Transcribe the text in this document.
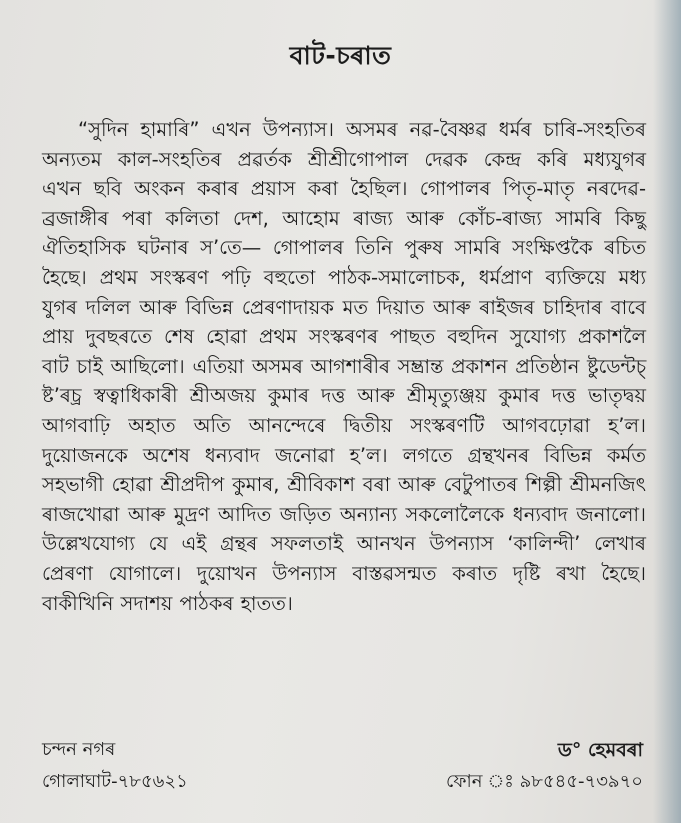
বাট-চৰাত
“সুদিন হামাৰি” এখন উপন্যাস। অসমৰ নৱ-বৈষ্ণৱ ধৰ্মৰ চাৰি-সংহতিৰ
অন্যতম কাল-সংহতিৰ প্ৰৱৰ্তক শ্ৰীশ্ৰীগোপাল দেৱক কেন্দ্ৰ কৰি মধ্যযুগৰ
এখন ছবি অংকন কৰাৰ প্ৰয়াস কৰা হৈছিল। গোপালৰ পিতৃ-মাতৃ নৰদেৱ-
ব্ৰজাঙ্গীৰ পৰা কলিতা দেশ, আহোম ৰাজ্য আৰু কোঁচ-ৰাজ্য সামৰি কিছু
ঐতিহাসিক ঘটনাৰ স’তে— গোপালৰ তিনি পুৰুষ সামৰি সংক্ষিপ্তকৈ ৰচিত
হৈছে। প্ৰথম সংস্কৰণ পঢ়ি বহুতো পাঠক-সমালোচক, ধৰ্মপ্ৰাণ ব্যক্তিয়ে মধ্য
যুগৰ দলিল আৰু বিভিন্ন প্ৰেৰণাদায়ক মত দিয়াত আৰু ৰাইজৰ চাহিদাৰ বাবে
প্ৰায় দুবছৰতে শেষ হোৱা প্ৰথম সংস্কৰণৰ পাছত বহুদিন সুযোগ্য প্ৰকাশলৈ
বাট চাই আছিলো। এতিয়া অসমৰ আগশাৰীৰ সম্ভ্ৰান্ত প্ৰকাশন প্ৰতিষ্ঠান ষ্টুডেন্টচ্
ষ্ট’ৰচ্ৰ স্বত্বাধিকাৰী শ্ৰীঅজয় কুমাৰ দত্ত আৰু শ্ৰীমৃত্যুঞ্জয় কুমাৰ দত্ত ভাতৃদ্বয়
আগবাঢ়ি অহাত অতি আনন্দেৰে দ্বিতীয় সংস্কৰণটি আগবঢ়োৱা হ’ল।
দুয়োজনকে অশেষ ধন্যবাদ জনোৱা হ’ল। লগতে গ্ৰন্থখনৰ বিভিন্ন কৰ্মত
সহভাগী হোৱা শ্ৰীপ্ৰদীপ কুমাৰ, শ্ৰীবিকাশ বৰা আৰু বেটুপাতৰ শিল্পী শ্ৰীমনজিৎ
ৰাজখোৱা আৰু মুদ্ৰণ আদিত জড়িত অন্যান্য সকলোলৈকে ধন্যবাদ জনালো।
উল্লেখযোগ্য যে এই গ্ৰন্থৰ সফলতাই আনখন উপন্যাস ‘কালিন্দী’ লেখাৰ
প্ৰেৰণা যোগালে। দুয়োখন উপন্যাস বাস্তৱসন্মত কৰাত দৃষ্টি ৰখা হৈছে।
বাকীখিনি সদাশয় পাঠকৰ হাতত।
চন্দন নগৰ
গোলাঘাট-৭৮৫৬২১
ড° হেমবৰা
ফোন ঃ ৯৮৫৪৫-৭৩৯৭০
